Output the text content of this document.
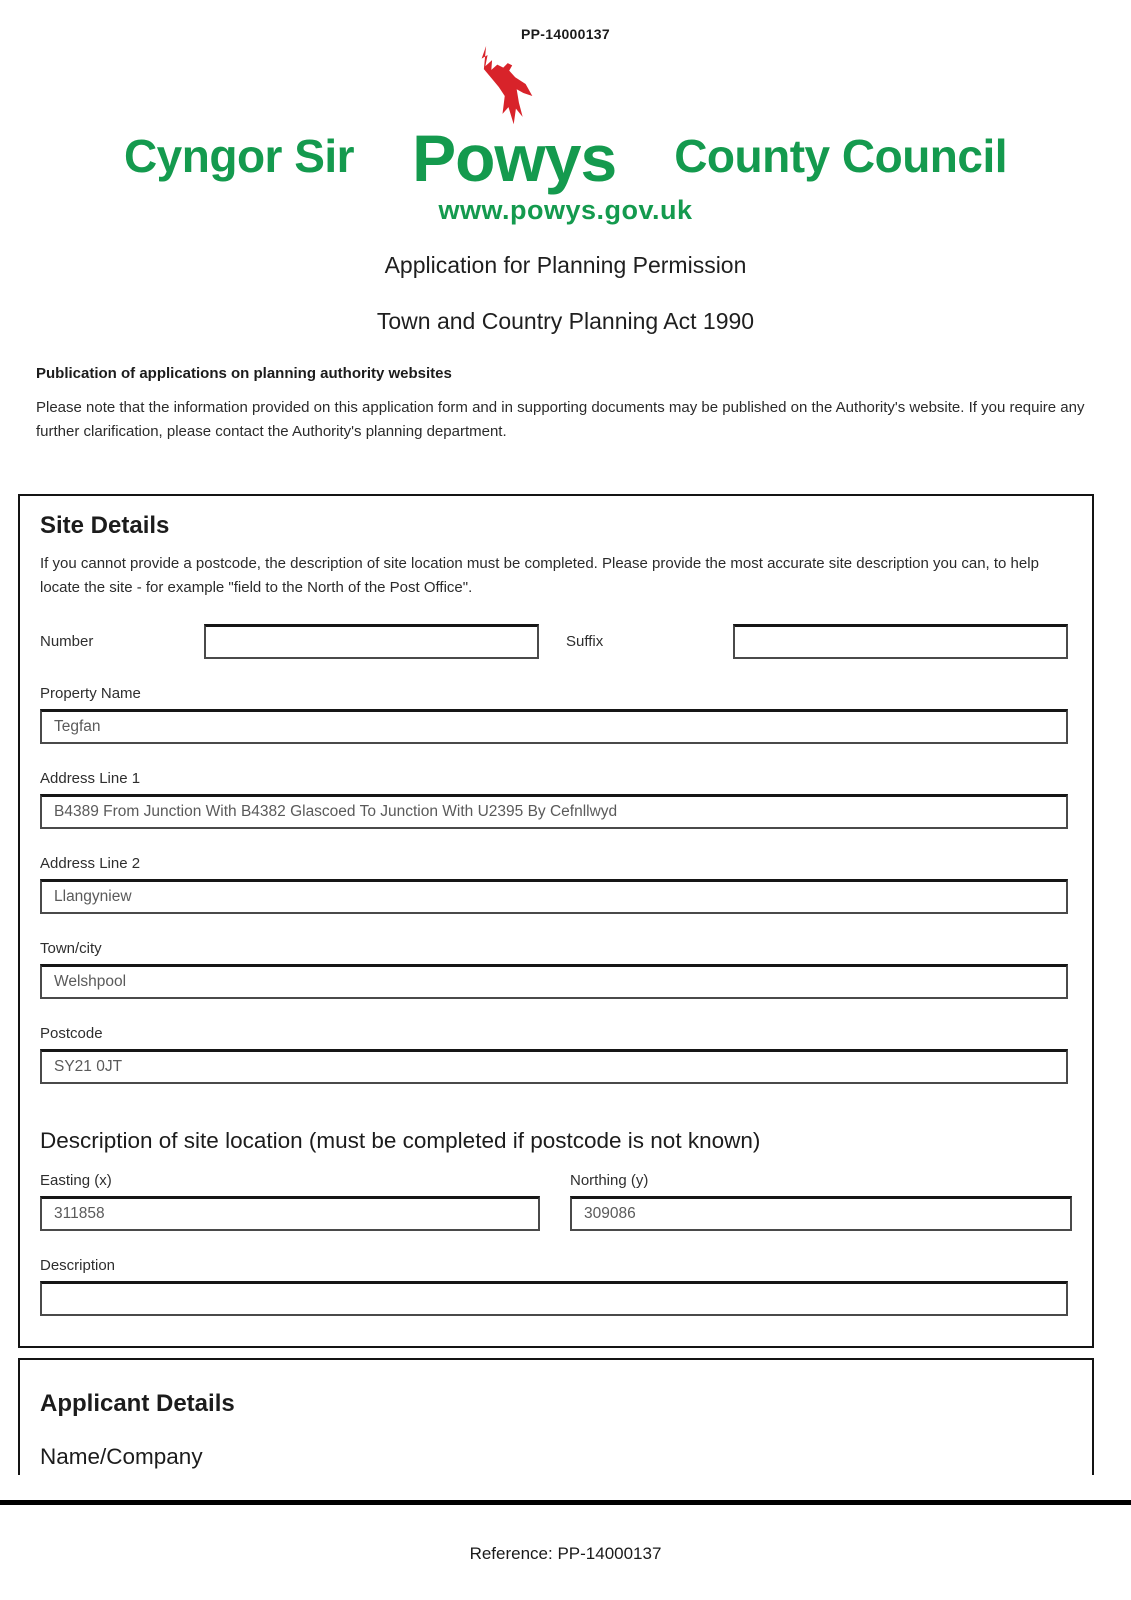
PP-14000137
Cyngor Sir Powys County Council
www.powys.gov.uk
Application for Planning Permission
Town and Country Planning Act 1990
Publication of applications on planning authority websites

Please note that the information provided on this application form and in supporting documents may be published on the Authority's website. If you require any further clarification, please contact the Authority's planning department.

Site Details

If you cannot provide a postcode, the description of site location must be completed. Please provide the most accurate site description you can, to help locate the site - for example "field to the North of the Post Office".

Number	Suffix
Property Name
Tegfan
Address Line 1
B4389 From Junction With B4382 Glascoed To Junction With U2395 By Cefnllwyd
Address Line 2
Llangyniew
Town/city
Welshpool
Postcode
SY21 0JT
Description of site location (must be completed if postcode is not known)
Easting (x)
311858	Northing (y)
309086
Description
Applicant Details
Name/Company
Reference: PP-14000137
